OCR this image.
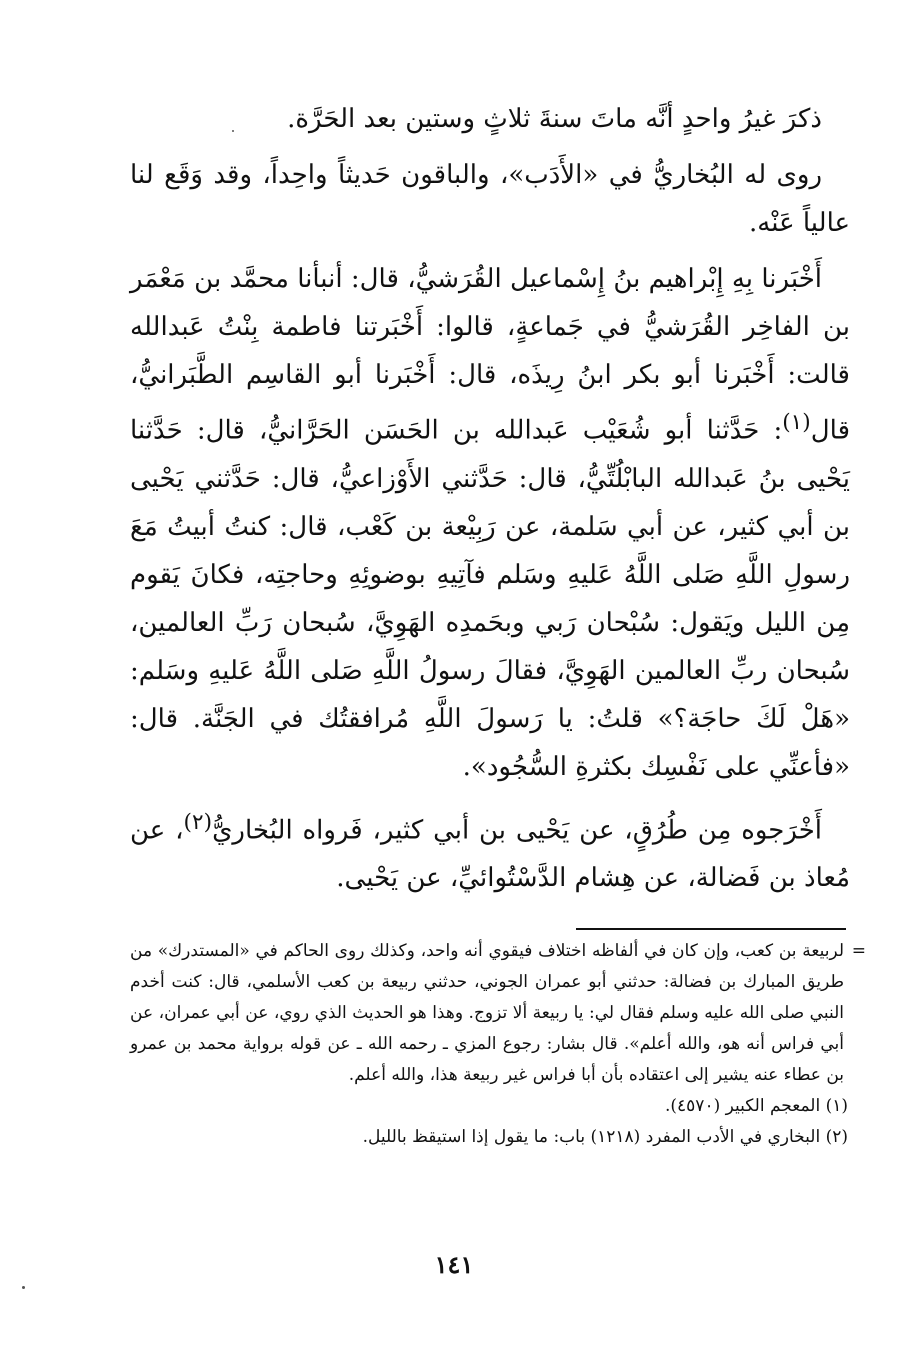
ذكرَ غيرُ واحدٍ أنَّه ماتَ سنةَ ثلاثٍ وستين بعد الحَرَّة.

روى له البُخاريُّ في «الأَدَب»، والباقون حَديثاً واحِداً، وقد وَقَع لنا عالياً عَنْه.

أَخْبَرنا بِهِ إِبْراهيم بنُ إِسْماعيل القُرَشيُّ، قال: أنبأنا محمَّد بن مَعْمَر بن الفاخِر القُرَشيُّ في جَماعةٍ، قالوا: أَخْبَرتنا فاطمة بِنْتُ عَبدالله قالت: أَخْبَرنا أبو بكر ابنُ رِيذَه، قال: أَخْبَرنا أبو القاسِم الطَّبَرانيُّ، قال$^{(١)}$: حَدَّثنا أبو شُعَيْب عَبدالله بن الحَسَن الحَرَّانيُّ، قال: حَدَّثنا يَحْيى بنُ عَبدالله البابْلُتِّيُّ، قال: حَدَّثني الأَوْزاعيُّ، قال: حَدَّثني يَحْيى بن أبي كثير، عن أبي سَلمة، عن رَبِيْعة بن كَعْب، قال: كنتُ أبيتُ مَعَ رسولِ اللَّهِ صَلى اللَّهُ عَليهِ وسَلم فآتِيهِ بوضوئِهِ وحاجتِه، فكانَ يَقوم مِن الليل ويَقول: سُبْحان رَبي وبحَمدِه الهَوِيَّ، سُبحان رَبِّ العالمين، سُبحان ربِّ العالمين الهَوِيَّ، فقالَ رسولُ اللَّهِ صَلى اللَّهُ عَليهِ وسَلم: «هَلْ لَكَ حاجَة؟» قلتُ: يا رَسولَ اللَّهِ مُرافقتُك في الجَنَّة. قال: «فأعنِّي على نَفْسِك بكثرةِ السُّجُود».

أَخْرَجوه مِن طُرُقٍ، عن يَحْيى بن أبي كثير، فَرواه البُخاريُّ$^{(٢)}$، عن مُعاذ بن فَضالة، عن هِشام الدَّسْتُوائيِّ، عن يَحْيى.

=
لربيعة بن كعب، وإن كان في ألفاظه اختلاف فيقوي أنه واحد، وكذلك روى الحاكم في «المستدرك» من طريق المبارك بن فضالة: حدثني أبو عمران الجوني، حدثني ربيعة بن كعب الأسلمي، قال: كنت أخدم النبي صلى الله عليه وسلم فقال لي: يا ربيعة ألا تزوج. وهذا هو الحديث الذي روي، عن أبي عمران، عن أبي فراس أنه هو، والله أعلم». قال بشار: رجوع المزي ـ رحمه الله ـ عن قوله برواية محمد بن عمرو بن عطاء عنه يشير إلى اعتقاده بأن أبا فراس غير ربيعة هذا، والله أعلم.

(١) المعجم الكبير (٤٥٧٠).

(٢) البخاري في الأدب المفرد (١٢١٨) باب: ما يقول إذا استيقظ بالليل.

١٤١
